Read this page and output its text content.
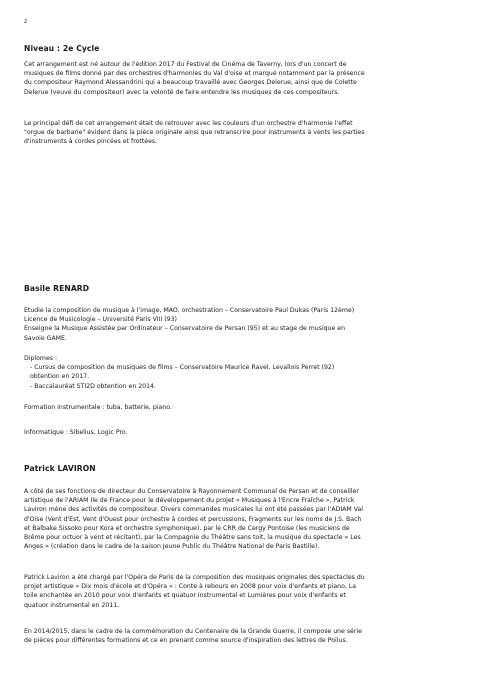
2
Niveau : 2e Cycle
Cet arrangement est né autour de l'édition 2017 du Festival de Cinéma de Taverny, lors d'un concert de
musiques de films donné par des orchestres d'harmonies du Val d'oise et marqué notamment par la présence
du compositeur Raymond Alessandrini qui a beaucoup travaillé avec Georges Delerue, ainsi que de Colette
Delerue (veuve du compositeur) avec la volonté de faire entendre les musiques de ces compositeurs.
Le principal défi de cet arrangement était de retrouver avec les couleurs d'un orchestre d'harmonie l'effet
"orgue de barbarie" évident dans la pièce originale ainsi que retranscrire pour instruments à vents les parties
d'instruments à cordes pincées et frottées.
Basile RENARD
Etudie la composition de musique à l'image, MAO, orchestration – Conservatoire Paul Dukas (Paris 12ème)
Licence de Musicologie – Université Paris VIII (93)
Enseigne la Musique Assistée par Ordinateur – Conservatoire de Persan (95) et au stage de musique en
Savoie GAME.
Diplomes :
- Cursus de composition de musiques de films – Conservatoire Maurice Ravel, Levallois Perret (92)
obtention en 2017.
- Baccalauréat STI2D obtention en 2014.
Formation instrumentale : tuba, batterie, piano.
Informatique : Sibelius, Logic Pro.
Patrick LAVIRON
A côté de ses fonctions de directeur du Conservatoire à Rayonnement Communal de Persan et de conseiller
artistique de l'ARIAM Ile de France pour le développement du projet « Musiques à l'Encre Fraîche », Patrick
Laviron mène des activités de compositeur. Divers commandes musicales lui ont été passées par l'ADIAM Val
d'Oise (Vent d'Est, Vent d'Ouest pour orchestre à cordes et percussions, Fragments sur les noms de J.S. Bach
et Balbake Sissoko pour Kora et orchestre symphonique), par le CRR de Cergy Pontoise (les musiciens de
Brême pour octuor à vent et récitant), par la Compagnie du Théâtre sans toit, la musique du spectacle « Les
Anges » (création dans le cadre de la saison Jeune Public du Théâtre National de Paris Bastille).
Patrick Laviron a été chargé par l'Opéra de Paris de la composition des musiques originales des spectacles du
projet artistique « Dix mois d'école et d'Opéra » : Conte à rebours en 2008 pour voix d'enfants et piano, La
toile enchantée en 2010 pour voix d'enfants et quatuor instrumental et Lumières pour voix d'enfants et
quatuor instrumental en 2011.
En 2014/2015, dans le cadre de la commémoration du Centenaire de la Grande Guerre, il compose une série
de pièces pour différentes formations et ce en prenant comme source d'inspiration des lettres de Poilus.
